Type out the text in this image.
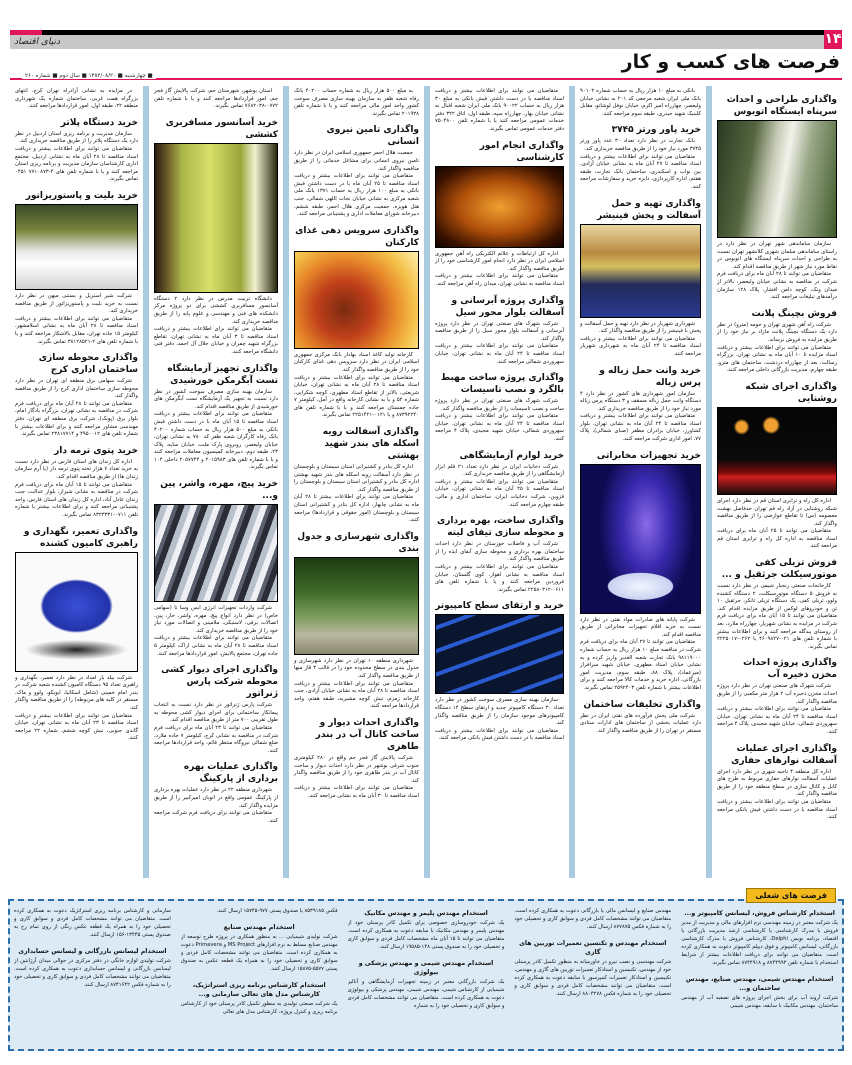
دنیای اقتصاد	۱۴
فرصت های کسب و کار
■ چهارشنبه ■ ۱۳۸۲/۰۸/۲۰ ■ سال دوم ■ شماره ۲۶۰
واگذاری طراحی و احداث سرپناه ایستگاه اتوبوس

سازمان ساماندهی شهر تهران در نظر دارد در راستای ساماندهی مبلمان شهری کلانشهر تهران نسبت به طراحی و احداث سرپناه ایستگاه های اتوبوس در نقاط مورد نیاز شهر از طریق مناقصه اقدام کند.

متقاضیان می توانند تا ۲۸ آبان ماه برای دریافت فرم شرکت در مناقصه به نشانی خیابان ولیعصر، بالاتر از میدان ونک، کوچه دامن افشار، پلاک ۱۲۸ سازمان درآمدهای تبلیغات مراجعه کنند.

فروش بچینگ پلانت

شرکت راه آهن شهری تهران و حومه (مترو) در نظر دارد یک دستگاه بچینگ پلانت مازاد بر نیاز خود را از طریق مزایده به فروش برساند.

متقاضیان می توانند برای اطلاعات بیشتر و دریافت اسناد مزایده تا ۱۰ آبان ماه به نشانی تهران، بزرگراه رسالت، بعد از چهارراه دردشت، ساختمان های مترو، طبقه چهارم، مدیریت بازرگانی داخلی مراجعه کنند.

واگذاری اجرای شبکه روشنایی

اداره کل راه و ترابری استان قم در نظر دارد اجرای شبکه روشنایی در آزاد راه قم تهران حدفاصل بهشت معصومه (س) تا تقاطع عوارضی را از طریق مناقصه واگذار کند.

متقاضیان می توانند تا ۲۵ آبان ماه برای دریافت اسناد مناقصه به اداره کل راه و ترابری استان قم مراجعه کنند.

فروش تریلی کفی موتورسیکلت جرثقیل و ...

کارخانجات صنعتی رنجبار شیمی در نظر دارد نسبت به فروش ۵ دستگاه موتورسیکلت، ۲ دستگاه کشنده ولوو، تریلی کفی، یک دستگاه تریلی تانکر، جرثقیل ۱۰ تن و خودروهای لوکس از طریق مزایده اقدام کند. متقاضیان می توانند تا ۱۵ آبان ماه برای دریافت فرم شرکت در مزایده به نشانی شهریار، چهارراه ملارد، بعد از روستای یبدگله مراجعه کنند و برای اطلاعات بیشتر با شماره تلفن های ۰۲۱-۴۶۰۹۸۲۷ یا ۰۲۶۲-۲۲۲۵۰۱۷ تماس بگیرند.

واگذاری پروژه احداث مخزن ذخیره آب

شرکت شهرک های صنعتی تهران در نظر دارد پروژه احداث مخزن ذخیره آب ۲ هزار متر مکعبی را از طریق مناقصه واگذار کند.

متقاضیان می توانند برای اطلاعات بیشتر و دریافت اسناد مناقصه تا ۲۴ آبان ماه به نشانی تهران، خیابان سهروردی شمالی، خیابان شهید مجیدی، پلاک ۴ مراجعه کنند.

واگذاری اجرای عملیات آسفالت نوارهای حفاری

اداره کل منطقه ۴ ناحیه شهری در نظر دارد اجرای عملیات آسفالت نوارهای حفاری مربوط به طرح های کابل و کانال سازی در سطح منطقه خود را از طریق مناقصه واگذار کند.

متقاضیان می توانند برای اطلاعات بیشتر و دریافت اسناد مناقصه با در دست داشتن فیش بانکی مراجعه کنند.

بانکی به مبلغ ۱۰ هزار ریال به حساب شماره ۹۰۱۰۲ بانک ملی ایران شعبه مرجعی کد ۲۰۱ به نشانی خیابان ولیعصر، چهارراه امیر اکرم، خیابان نوفل لوشاتو، مقابل کلینیک شهید حیدری، طبقه سوم مراجعه کنند.

خرید پاور ورتر ۳۷۴۵

بانک تجارت در نظر دارد تعداد ۳۰ عدد پاور ورتر ۳۷۴۵ مورد نیاز خود را از طریق مناقصه خریداری کند.

متقاضیان می توانند برای اطلاعات بیشتر و دریافت اسناد مناقصه تا ۲۷ آبان ماه به نشانی خیابان آزادی، بین نواب و اسکندری، ساختمان بانک تجارت، طبقه هفتم، اداره کارپردازی، دایره خرید و سفارشات مراجعه کنند.

واگذاری تهیه و حمل آسفالت و پخش فینیشر

شهرداری شهریار در نظر دارد تهیه و حمل آسفالت و پخش با فینیشر را از طریق مناقصه واگذار کند.

متقاضیان می توانند برای اطلاعات بیشتر و دریافت اسناد مناقصه تا ۲۴ آبان ماه به شهرداری شهریار مراجعه کنند.

خرید وانت حمل زباله و پرس زباله

سازمان امور شهرداری های کشور در نظر دارد ۴ دستگاه وانت حمل زباله مسقف و ۳ دستگاه پرس زباله مورد نیاز خود را از طریق مناقصه خریداری کند.

متقاضیان می توانند برای اطلاعات بیشتر و دریافت اسناد مناقصه تا ۲۴ آبان ماه به نشانی تهران، بلوار کشاورز، خیابان برادران مظفر (صبای شمالی)، پلاک ۷۷، امور اداری شرکت مراجعه کنند.

خرید تجهیزات مخابراتی

شرکت پایانه های صادرات مواد نفتی در نظر دارد نسبت به خرید اقلام تجهیزات مخابراتی از طریق مناقصه اقدام کند.

متقاضیان می توانند تا ۲۷ آبان ماه برای دریافت فرم شرکت در مناقصه مبلغ ۱۰ هزار ریال به حساب شماره ۹۸۱۱۹۰۰۰ بانک تجارت شعبه الغدیر واریز کرده و به نشانی خیابان استاد مطهری، خیابان شهید سرافراز (میرعماد)، پلاک ۸۸، طبقه سوم، مدیریت امور بازرگانی، اداره خرید و خدمات کالا مراجعه کنند و برای اطلاعات بیشتر با شماره تلفن ۲۵۹۲۴۰۳ تماس بگیرند.

واگذاری تخلیفات ساختمان

شرکت ملی پخش فرآورده های نفتی ایران در نظر دارد عملیات بخشی از ساختمان های ادارات ستادی مستقر در تهران را از طریق مناقصه واگذار کند.

متقاضیان می توانند برای اطلاعات بیشتر و دریافت اسناد مناقصه با در دست داشتن فیش بانکی به مبلغ ۳۰ هزار ریال به حساب ۹۰۰۲۲ بانک ملی ایران شعبه اقبال به نشانی خیابان بهار، چهارراه سپه، طبقه اول، اتاق ۳۲۲ دفتر خدمات عمومی مراجعه کنند یا با شماره تلفن ۷۵۰۴۸۰۰ دفتر خدمات عمومی تماس بگیرند.

واگذاری انجام امور کارشناسی

اداره کل ارتباطات و علائم الکتریکی راه آهن جمهوری اسلامی ایران در نظر دارد انجام امور کارشناسی خود را از طریق مناقصه واگذار کند.

متقاضیان می توانند برای اطلاعات بیشتر و دریافت اسناد مناقصه به نشانی تهران، میدان راه آهن مراجعه کنند.

واگذاری پروژه آبرسانی و آسفالت بلوار محور سیل

شرکت شهرک های صنعتی تهران در نظر دارد پروژه آبرسانی و آسفالت بلوار محور سیل را از طریق مناقصه واگذار کند.

متقاضیان می توانند برای اطلاعات بیشتر و دریافت اسناد مناقصه تا ۲۴ آبان ماه به نشانی تهران، خیابان سهروردی شمالی مراجعه کنند.

واگذاری پروژه ساخت مهبط بالگرد و نصب تاسیسات

شرکت شهرک های صنعتی تهران در نظر دارد پروژه ساخت و نصب تاسیسات را از طریق مناقصه واگذار کند.

متقاضیان می توانند برای اطلاعات بیشتر و دریافت اسناد مناقصه تا ۲۴ آبان ماه به نشانی تهران، خیابان سهروردی شمالی، خیابان شهید مجیدی، پلاک ۴ مراجعه کنند.

خرید لوازم آزمایشگاهی

شرکت دخانیات ایران در نظر دارد تعداد ۲۱ قلم ابزار آزمایشگاهی را از طریق مناقصه خریداری کند.

متقاضیان می توانند برای اطلاعات بیشتر و دریافت اسناد مناقصه تا ۲۵ آبان ماه به نشانی تهران، خیابان قزوین، شرکت دخانیات ایران، ساختمان اداری و مالی، طبقه چهارم مراجعه کنند.

واگذاری ساخت، بهره برداری و محوطه سازی تیفای لیته

شرکت آب و فاضلاب خوزستان در نظر دارد احداث ساختمان بهره برداری و محوطه سازی آبفای ایذه را از طریق مناقصه واگذار کند.

متقاضیان می توانند برای اطلاعات بیشتر و دریافت اسناد مناقصه به نشانی اهواز، کوی گلستان، خیابان فروردین مراجعه کنند و یا با شماره تلفن های ۰۶۱۱-۲۲۵۸۰۳۱۲ تماس بگیرند.

خرید و ارتقای سطح کامپیوتر

سازمان بهینه سازی مصرف سوخت کشور در نظر دارد تعداد ۳۰ دستگاه کامپیوتر جدید و ارتقای سطح ۱۴ دستگاه کامپیوترهای موجود سازمان را از طریق مناقصه واگذار کند.

متقاضیان می توانند برای اطلاعات بیشتر و دریافت اسناد مناقصه با در دست داشتن فیش بانکی مراجعه کنند.

به مبلغ ۵۰۰ هزار ریال به شماره حساب ۴۰۲۰۰ بانک رفاه شعبه ظفر به سازمان بهینه سازی مصرف سوخت کشور واحد امور مالی مراجعه کنند و یا با شماره تلفن ۲۰۱۹۳۸ تماس بگیرند.

واگذاری تامین نیروی انسانی

جمعیت هلال احمر جمهوری اسلامی ایران در نظر دارد تامین نیروی انسانی برای مشاغل خدماتی را از طریق مناقصه واگذار کند.

متقاضیان می توانند برای اطلاعات بیشتر و دریافت اسناد مناقصه تا ۲۵ آبان ماه با در دست داشتن فیش بانکی به مبلغ ۱۰۰ هزار ریال به حساب ۱۳۷۱ بانک ملی شعبه مرکزی به نشانی خیابان نجات اللهی شمالی، جنب هتل هویزه، جمعیت مرکزی هلال احمر، طبقه ششم، دبیرخانه شورای معاملات اداری و پشتیبانی مراجعه کنند.

واگذاری سرویس دهی غذای کارکنان

کارخانه تولید کاغذ اسناد بهادار بانک مرکزی جمهوری اسلامی ایران در نظر دارد سرویس دهی غذای کارکنان خود را از طریق مناقصه واگذار کند.

متقاضیان می توانند برای اطلاعات بیشتر و دریافت اسناد مناقصه تا ۲۸ آبان ماه به نشانی تهران، خیابان شریعتی، بالاتر از تقاطع استاد مطهری، کوچه شکرایی، شماره ۵۴ و یا به نشانی کارخانه واقع در آمل، کیلومتر ۷ جاده چمستان مراجعه کنند و یا با شماره تلفن های ۸۷۳۹۲۲۴۰ و یا ۰۱۲۱-۲۲۵۱۴۲۱ تماس بگیرند.

واگذاری آسفالت رویه اسکله های بندر شهید بهشتی

اداره کل بنادر و کشتیرانی استان سیستان و بلوچستان در نظر دارد آسفالت رویه اسکله های بندر شهید بهشتی اداره کل بنادر و کشتیرانی استان سیستان و بلوچستان را از طریق مناقصه واگذار کند.

متقاضیان می توانند برای اطلاعات بیشتر تا ۲۸ آبان ماه به نشانی چابهار، اداره کل بنادر و کشتیرانی استان سیستان و بلوچستان (امور حقوقی و قراردادها) مراجعه کنند.

واگذاری شهرسازی و جدول بندی

شهرداری منطقه ۱۰ تهران در نظر دارد شهرسازی و جدول بندی در سطح محدوده خود را در قالب ۳ قاز منها از طریق مناقصه واگذار کند.

متقاضیان می توانند برای اطلاعات بیشتر و دریافت اسناد مناقصه تا ۲۸ آبان ماه به نشانی خیابان آزادی، جنب کارخانه زمزم، نبش کوچه مشیریه، طبقه هفتم، واحد قراردادها مراجعه کنند.

واگذاری احداث دیوار و ساخت کانال آب در بندر طاهری

شرکت پالایش گاز فجر جم واقع در ۲۸۰ کیلومتری جنوب شرقی بوشهر در نظر دارد احداث دیوار و ساخت کانال آب در بندر طاهری خود را از طریق مناقصه واگذار کند.

متقاضیان می توانند برای اطلاعات بیشتر و دریافت اسناد مناقصه تا ۳۰ آبان ماه به نشانی مراجعه کنند.

استان بوشهر، شهرستان جم، شرکت پالایش گاز فجر جم، امور قراردادها مراجعه کنند و یا با شماره تلفن ۰۷۷۲-۷۶۸۲۰۳۸ تماس بگیرند.

خرید آسانسور مسافربری کششی

دانشگاه تربیت مدرس در نظر دارد ۲ دستگاه آسانسور مسافربری کششی برای دو پروژه مرکز دانشکده های فنی و مهندسی و علوم پایه را از طریق مناقصه خریداری کند.

متقاضیان می توانند برای اطلاعات بیشتر و دریافت اسناد مناقصه تا ۳ آبان ماه به نشانی تهران، تقاطع بزرگراه شهید چمران و خیابان جلال آل احمد، دفتر فنی دانشگاه مراجعه کنند.

واگذاری تجهیز آزمایشگاه تست آبگرمکن خورشیدی

سازمان بهینه سازی مصرف سوخت کشور در نظر دارد نسبت به تجهیز یک آزمایشگاه تست آبگرمکن های خورشیدی از طریق مناقصه اقدام کند.

متقاضیان می توانند برای اطلاعات بیشتر و دریافت اسناد مناقصه تا ۱۵ آبان ماه با در دست داشتن فیش بانکی به مبلغ ۵۰۰ هزار ریال به حساب شماره ۴۰۲۰۰ بانک رفاه کارگران شعبه ظفر کد ۷۸۰ به نشانی تهران، خیابان ولیعصر، روبروی پارک ملت، خیابان سایه، پلاک ۲۳، طبقه دوم، دبیرخانه کمیسیون معاملات مراجعه کنند و یا با شماره تلفن های ۲۰۱۵۹۸۳ و ۲۰۵۷۷۴۴ داخلی ۱۰۴ تماس بگیرند.

خرید پیچ، مهره، واشر، پین و...

شرکت واردات تجهیزات انرژی ایس وسا تا (سهامی خاص) در نظر دارد انواع پیچ، مهره، واشر، خار، پین، اتصالات برقی، لاستیکی، ملامینی و اتصالات مورد نیاز خود را از طریق مناقصه خریداری کند.

متقاضیان می توانند برای اطلاعات بیشتر و دریافت اسناد مناقصه تا ۲۸ آبان ماه به نشانی اراک، کیلومتر ۵ جاده تهران، مجتمع پالایش، امور قراردادها مراجعه کنند.

واگذاری اجرای دیوار کشی محوطه شرکت پارس ژنراتور

شرکت پارس ژنراتور در نظر دارد نسبت به انتخاب پیمانکار ساختمانی برای اجرای دیوار کشی محوطه به طول تقریبی ۷۰۰ متر از طریق مناقصه اقدام کند.

متقاضیان می توانند تا ۲۳ آبان ماه برای دریافت فرم شرکت در مناقصه به نشانی کرج، کیلومتر ۷ جاده ملارد، ضلع شمالی نیروگاه منتظر قائم، واحد قراردادها مراجعه کنند.

واگذاری عملیات بهره برداری از پارکینگ

شهرداری منطقه ۲۲ در نظر دارد عملیات بهره برداری از پارکینگ عمومی واقع در اتوبان امیرکبیر را از طریق مزایده واگذار کند.

متقاضیان می توانند برای دریافت فرم شرکت مراجعه کنند.

در مزایده به نشانی آزادراه تهران کرج، انتهای بزرگراه همت غربی، ساختمان شماره یک شهرداری منطقه ۲۲، طبقه اول، امور قراردادها مراجعه کنند.

خرید دستگاه پلاتر

سازمان مدیریت و برنامه ریزی استان اردبیل در نظر دارد یک دستگاه پلاتر را از طریق مناقصه خریداری کند.

متقاضیان می توانند برای اطلاعات بیشتر و دریافت اسناد مناقصه تا ۲۸ آبان ماه به نشانی اردبیل، مجتمع اداری کارشناسان سازمان مدیریت و برنامه ریزی استان مراجعه کنند و یا با شماره تلفن های ۴-۷۷۱۰۸۷۳ ۰۴۵۱ تماس بگیرند.

خرید بلیت و پاستوریزاتور

شرکت شیر استریل و بستنی میهن در نظر دارد نسبت به خرید بلیت و پاستوریزاتور از طریق مناقصه خریداری کند.

متقاضیان می توانند برای اطلاعات بیشتر و دریافت اسناد مناقصه تا ۲۸ آبان ماه به نشانی اسلامشهر، کیلومتر ۱۵ جاده تهران، مقابل بالاشکار مراجعه کنند و یا با شماره تلفن های ۲-۳۸۱۲۸۵۲۱ تماس بگیرند.

واگذاری محوطه سازی ساختمان اداری کرج

شرکت سهامی برق منطقه ای تهران در نظر دارد محوطه سازی ساختمان اداری کرج را از طریق مناقصه واگذار کند.

متقاضیان می توانند تا ۲۸ آبان ماه برای دریافت فرم شرکت در مناقصه به نشانی تهران، بزرگراه یادگار امام، بلوار برق (پونک)، شرکت برق منطقه ای تهران، دفتر مهندسی مشاور مراجعه کنند و برای اطلاعات بیشتر با شماره تلفن های ۴۹۵۰۰۱۲ و ۲۳۸۱۷۷۱۴ تماس بگیرند.

خرید پتوی ترمه دار

اداره کل زندان های استان فارس در نظر دارد نسبت به خرید تعداد ۷ هزار تخته پتوی ترمه دار (یا آرم سازمان زندان ها) از طریق مناقصه اقدام کند.

متقاضیان می توانند تا ۱۵ آبان ماه برای دریافت فرم شرکت در مناقصه به نشانی شیراز، بلوار عدالت، جنب زندان عادل آباد، اداره کل زندان های استان فارس، واحد پشتیبانی مراجعه کنند و برای اطلاعات بیشتر با شماره تلفن ۰۷۱۱-۸۳۲۳۳۳۱ تماس بگیرند.

واگذاری تعمیر، نگهداری و راهبری کامیون کشنده

شرکت بیلد بار امداد در نظر دارد تعمیر، نگهداری و راهبری تعداد ۹۵ دستگاه کامیون کشنده شعبه شرکت در بندر امام خمینی (شامل اسکانیا، ایویکو، ولوو و ماک، مستقر در کلیه های مربوطه) را از طریق مناقصه واگذار کند.

متقاضیان می توانند برای اطلاعات بیشتر و دریافت اسناد مناقصه تا ۲۳ آبان ماه به نشانی تهران، خیابان گاندی جنوبی، نبش کوچه ششم، شماره ۲۲ مراجعه کنند.

فرصت های شغلی
استخدام کارشناس فروش، لیسانس کامپیوتر و...

یک شرکت معتبر در زمینه مهندسی نرم افزارهای مالی و مدیریت از مدیر فروش با مدرک کارشناسی یا کارشناسی ارشد مدیریت بازرگانی یا اقتصاد، برنامه نویس Delphi، کارشناس فروش با مدرک کارشناسی بازرگانی، لیسانس کامپیوتر و فوق دیپلم کامپیوتر دعوت به همکاری کرده است. متقاضیان می توانند برای دریافت اطلاعات بیشتر از شرایط استخدام با شماره تلفن ۸۷۴۴۹۹۴ و ۸۷۴۴۹۱۸ تماس بگیرند.

استخدام مهندس شیمی، مهندس صنایع، مهندس ساختمان و...

شرکت آروند آب برای بخش اجرای پروژه های تصفیه آب از مهندس ساختمان، مهندس مکانیک با سابقه، مهندس شیمی

مهندس صنایع و لیسانس مالی یا بازرگانی دعوت به همکاری کرده است. متقاضیان می توانند مشخصات کامل فردی و سوابق کاری و تحصیلی خود را به شماره فکس ۸۷۷۸۷۵ ارسال کنند.

استخدام مهندس و تکنسین تعمیرات توربین های گازی

شرکت مهندسی و نصب نیرو در خاورمیانه به منظور تکمیل کادر پرسنلی خود از مهندس، تکنیسین و استادکار تعمیرات توربین های گازی و مهندس، تکنیسین و استادکار تعمیرات کمپرسور با سابقه دعوت به همکاری کرده است. متقاضیان می توانند مشخصات کامل فردی و سوابق کاری و تحصیلی خود را به شماره فکس ۸۸۰۴۲۷۸ ارسال کنند.

استخدام مهندس پلیمر و مهندس مکانیک

یک شرکت خودروسازی خصوصی برای تکمیل کادر پرسنلی خود از مهندس پلیمر و مهندس مکانیک با سابقه دعوت به همکاری کرده است. متقاضیان می توانند تا ۱۵ آبان ماه مشخصات کامل فردی و سوابق کاری و تحصیلی خود را به صندوق پستی ۱۴۸-۱۹۵۸۵ ارسال کنند.

استخدام مهندس شیمی و مهندس پزشکی و بیولوژی

یک شرکت بازرگانی معتبر در زمینه تجهیزات آزمایشگاهی و آنالیز شیمیایی از کارشناس شیمی، مهندس شیمی، مهندس پزشکی و بیولوژی دعوت به همکاری کرده است. متقاضیان می توانند مشخصات کامل فردی و سوابق کاری و تحصیلی خود را به شماره

فکس ۸۵۳۹۱۸۵ یا صندوق پستی ۹۷۷-۱۵۷۴۵ ارسال کنند.

استخدام مهندس صنایع

شرکت تولیدی شیمیایی ... به منظور همکاری در پروژه طرح توسعه از مهندس صنایع مسلط به نرم افزارهای MS Project و Primavera دعوت به همکاری کرده است. متقاضیان می توانند مشخصات کامل فردی و سوابق کاری و تحصیلی خود را به همراه یک قطعه عکس به صندوق پستی ۵۵۷۷-۱۵۸۷۵ ارسال کنند.

استخدام کارشناس برنامه ریزی استراتژیک، کارشناس مدل های تعالی سازمانی و...

یک شرکت صنعتی تولیدی به منظور تکمیل کادر پرسنلی خود از کارشناس برنامه ریزی و کنترل پروژه، کارشناس مدل های تعالی

سازمانی و کارشناس برنامه ریزی استراتژیک دعوت به همکاری کرده است. متقاضیان می توانند مشخصات کامل فردی و سوابق کاری و تحصیلی خود را به همراه یک قطعه عکس رنگی از روی تمام رخ به صندوق پستی ۱۳۴۴۵-۱۵۶ ارسال کنند.

استخدام لیسانس بازرگانی و لیسانس حسابداری

شرکت تولیدی لوازم خانگی در دفتر مرکزی در حوالی میدان آرژانتین از لیسانس بازرگانی و لیسانس حسابداری دعوت به همکاری کرده است. متقاضیان می توانند مشخصات کامل فردی و سوابق کاری و تحصیلی خود را به شماره فکس ۸۷۴۱۶۴۲ ارسال کنند.
